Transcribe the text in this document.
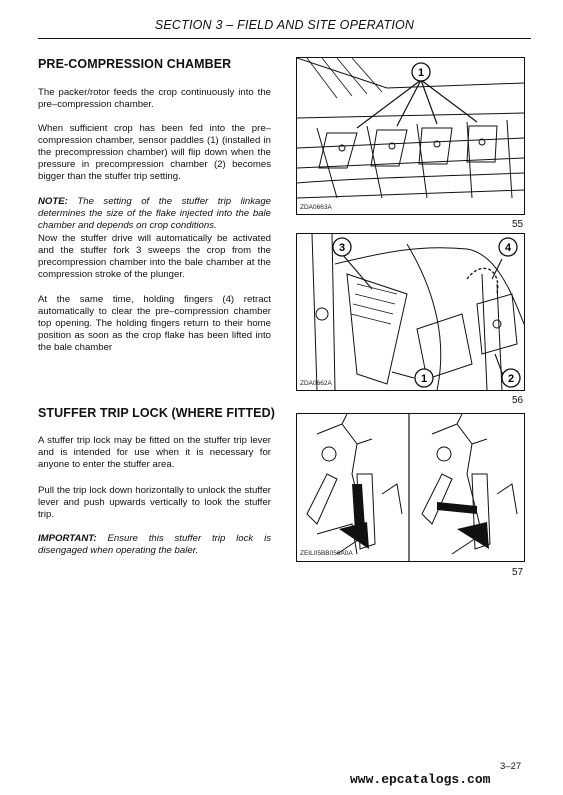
SECTION 3 – FIELD AND SITE OPERATION
PRE-COMPRESSION CHAMBER

The packer/rotor feeds the crop continuously into the pre–compression chamber.

When sufficient crop has been fed into the pre–compression chamber, sensor paddles (1) (installed in the precompression chamber) will flip down when the pressure in precompression chamber (2) becomes bigger than the stuffer trip setting.

NOTE: The setting of the stuffer trip linkage determines the size of the flake injected into the bale chamber and depends on crop conditions.

Now the stuffer drive will automatically be activated and the stuffer fork 3 sweeps the crop from the precompression chamber into the bale chamber at the compression stroke of the plunger.

At the same time, holding fingers (4) retract automatically to clear the pre–compression chamber top opening. The holding fingers return to their home position as soon as the crop flake has been lifted into the bale chamber

1
ZDA0663A
55
3	4
1	2
ZDA0662A
56
STUFFER TRIP LOCK (WHERE FITTED)

A stuffer trip lock may be fitted on the stuffer trip lever and is intended for use when it is necessary for anyone to enter the stuffer area.

Pull the trip lock down horizontally to unlock the stuffer lever and push upwards vertically to look the stuffer trip.

IMPORTANT: Ensure this stuffer trip lock is disengaged when operating the baler.	ZEIL05BB056A0A
57
3–27
www.epcatalogs.com
